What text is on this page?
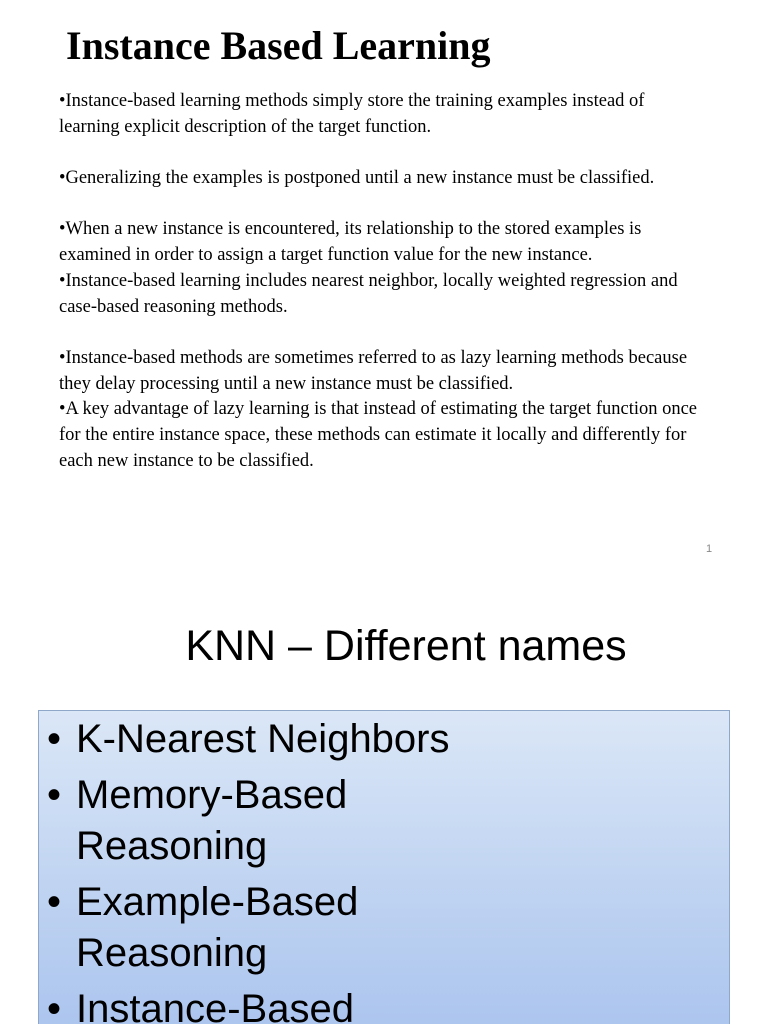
Instance Based Learning

•Instance-based learning methods simply store the training examples instead of learning explicit description of the target function.

•Generalizing the examples is postponed until a new instance must be classified.

•When a new instance is encountered, its relationship to the stored examples is examined in order to assign a target function value for the new instance.

•Instance-based learning includes nearest neighbor, locally weighted regression and case-based reasoning methods.

•Instance-based methods are sometimes referred to as lazy learning methods because they delay processing until a new instance must be classified.

•A key advantage of lazy learning is that instead of estimating the target function once for the entire instance space, these methods can estimate it locally and differently for each new instance to be classified.

1
KNN – Different names
• K-Nearest Neighbors
• Memory-Based Reasoning
• Example-Based Reasoning
• Instance-Based
